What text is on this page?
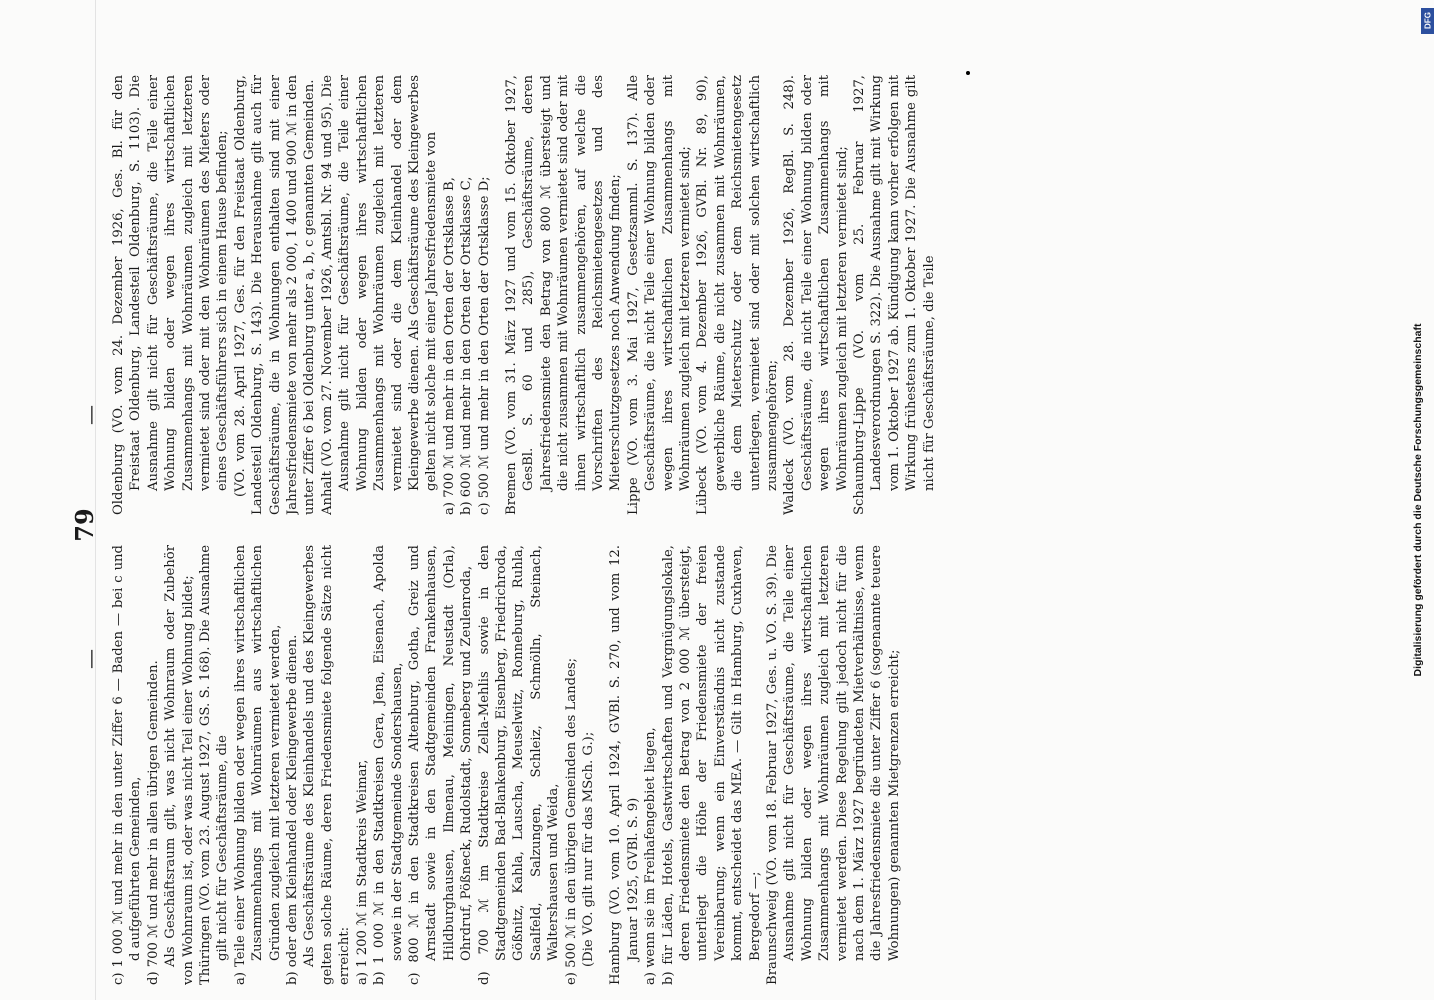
—
79
—

c) 1 000 ℳ und mehr in den unter Ziffer 6 — Baden — bei c und d aufgeführten Gemeinden, d) 700 ℳ und mehr in allen übrigen Gemeinden. Als Geschäftsraum gilt, was nicht Wohnraum oder Zubehör von Wohnraum ist, oder was nicht Teil einer Wohnung bildet; Thüringen (VO. vom 23. August 1927, GS. S. 168). Die Ausnahme gilt nicht für Geschäftsräume, die a) Teile einer Wohnung bilden oder wegen ihres wirtschaftlichen Zusammenhangs mit Wohnräumen aus wirtschaftlichen Gründen zugleich mit letzteren vermietet werden, b) oder dem Kleinhandel oder Kleingewerbe dienen. Als Geschäftsräume des Kleinhandels und des Kleingewerbes gelten solche Räume, deren Friedensmiete folgende Sätze nicht erreicht: a) 1 200 ℳ im Stadtkreis Weimar, b) 1 000 ℳ in den Stadtkreisen Gera, Jena, Eisenach, Apolda sowie in der Stadtgemeinde Sondershausen, c) 800 ℳ in den Stadtkreisen Altenburg, Gotha, Greiz und Arnstadt sowie in den Stadtgemeinden Frankenhausen, Hildburghausen, Ilmenau, Meiningen, Neustadt (Orla), Ohrdruf, Pößneck, Rudolstadt, Sonneberg und Zeulenroda, d) 700 ℳ im Stadtkreise Zella-Mehlis sowie in den Stadtgemeinden Bad-Blankenburg, Eisenberg, Friedrichroda, Gößnitz, Kahla, Lauscha, Meuselwitz, Ronneburg, Ruhla, Saalfeld, Salzungen, Schleiz, Schmölln, Steinach, Waltershausen und Weida, e) 500 ℳ in den übrigen Gemeinden des Landes; (Die VO. gilt nur für das MSch. G.); Hamburg (VO. vom 10. April 1924, GVBl. S. 270, und vom 12. Januar 1925, GVBl. S. 9) a) wenn sie im Freihafengebiet liegen, b) für Läden, Hotels, Gastwirtschaften und Vergnügungslokale, deren Friedensmiete den Betrag von 2 000 ℳ übersteigt, unterliegt die Höhe der Friedensmiete der freien Vereinbarung; wenn ein Einverständnis nicht zustande kommt, entscheidet das MEA. — Gilt in Hamburg, Cuxhaven, Bergedorf —; Braunschweig (VO. vom 18. Februar 1927, Ges. u. VO. S. 39). Die Ausnahme gilt nicht für Geschäftsräume, die Teile einer Wohnung bilden oder wegen ihres wirtschaftlichen Zusammenhangs mit Wohnräumen zugleich mit letzteren vermietet werden. Diese Regelung gilt jedoch nicht für die nach dem 1. März 1927 begründeten Mietverhältnisse, wenn die Jahresfriedensmiete die unter Ziffer 6 (sogenannte teuere Wohnungen) genannten Mietgrenzen erreicht;

Oldenburg (VO. vom 24. Dezember 1926, Ges. Bl. für den Freistaat Oldenburg, Landesteil Oldenburg, S. 1103). Die Ausnahme gilt nicht für Geschäftsräume, die Teile einer Wohnung bilden oder wegen ihres wirtschaftlichen Zusammenhangs mit Wohnräumen zugleich mit letzteren vermietet sind oder mit den Wohnräumen des Mieters oder eines Geschäftsführers sich in einem Hause befinden; (VO. vom 28. April 1927, Ges. für den Freistaat Oldenburg, Landesteil Oldenburg, S. 143). Die Herausnahme gilt auch für Geschäftsräume, die in Wohnungen enthalten sind mit einer Jahresfriedensmiete von mehr als 2 000, 1 400 und 900 ℳ in den unter Ziffer 6 bei Oldenburg unter a, b, c genannten Gemeinden. Anhalt (VO. vom 27. November 1926, Amtsbl. Nr. 94 und 95). Die Ausnahme gilt nicht für Geschäftsräume, die Teile einer Wohnung bilden oder wegen ihres wirtschaftlichen Zusammenhangs mit Wohnräumen zugleich mit letzteren vermietet sind oder die dem Kleinhandel oder dem Kleingewerbe dienen. Als Geschäftsräume des Kleingewerbes gelten nicht solche mit einer Jahresfriedensmiete von a) 700 ℳ und mehr in den Orten der Ortsklasse B, b) 600 ℳ und mehr in den Orten der Ortsklasse C, c) 500 ℳ und mehr in den Orten der Ortsklasse D; Bremen (VO. vom 31. März 1927 und vom 15. Oktober 1927, GesBl. S. 60 und 285), Geschäftsräume, deren Jahresfriedensmiete den Betrag von 800 ℳ übersteigt und die nicht zusammen mit Wohnräumen vermietet sind oder mit ihnen wirtschaftlich zusammengehören, auf welche die Vorschriften des Reichsmietengesetzes und des Mieterschutzgesetzes noch Anwendung finden; Lippe (VO. vom 3. Mai 1927, Gesetzsamml. S. 137). Alle Geschäftsräume, die nicht Teile einer Wohnung bilden oder wegen ihres wirtschaftlichen Zusammenhangs mit Wohnräumen zugleich mit letzteren vermietet sind; Lübeck (VO. vom 4. Dezember 1926, GVBl. Nr. 89, 90), gewerbliche Räume, die nicht zusammen mit Wohnräumen, die dem Mieterschutz oder dem Reichsmietengesetz unterliegen, vermietet sind oder mit solchen wirtschaftlich zusammengehören; Waldeck (VO. vom 28. Dezember 1926, RegBl. S. 248). Geschäftsräume, die nicht Teile einer Wohnung bilden oder wegen ihres wirtschaftlichen Zusammenhangs mit Wohnräumen zugleich mit letzteren vermietet sind; Schaumburg-Lippe (VO. vom 25. Februar 1927, Landesverordnungen S. 322). Die Ausnahme gilt mit Wirkung vom 1. Oktober 1927 ab. Kündigung kann vorher erfolgen mit Wirkung frühestens zum 1. Oktober 1927. Die Ausnahme gilt nicht für Geschäftsräume, die Teile

DFG
Digitalisierung gefördert durch die Deutsche Forschungsgemeinschaft
